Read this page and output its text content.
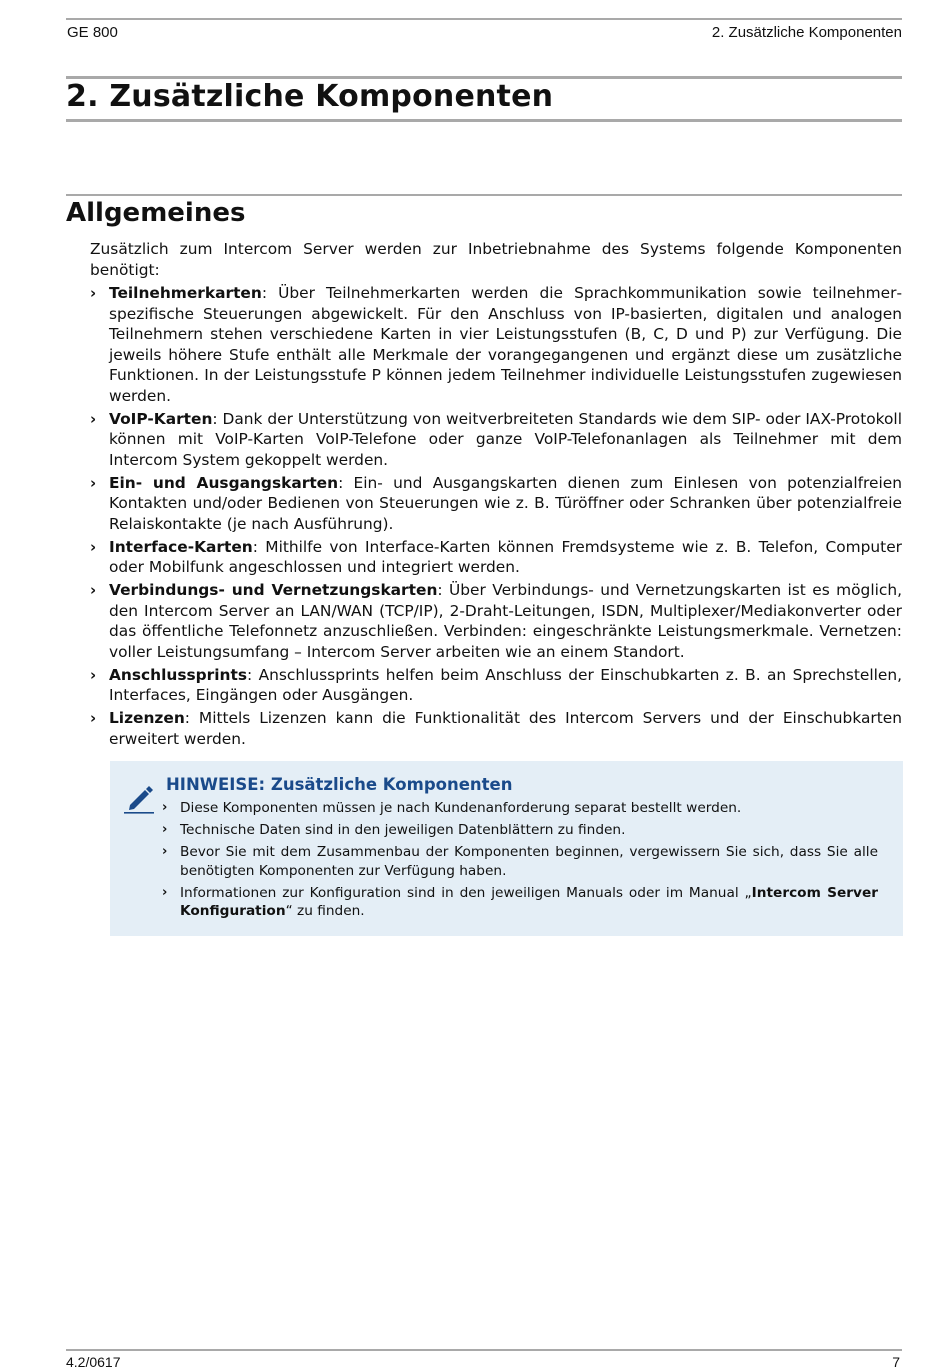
GE 800	2. Zusätzliche Komponenten
2. Zusätzliche Komponenten
Allgemeines
Zusätzlich zum Intercom Server werden zur Inbetriebnahme des Systems folgende Komponenten benötigt:
› Teilnehmerkarten: Über Teilnehmerkarten werden die Sprachkommunikation sowie teilnehmerspezifische Steuerungen abgewickelt. Für den Anschluss von IP-basierten, digitalen und analogen Teilnehmern stehen verschiedene Karten in vier Leistungsstufen (B, C, D und P) zur Verfügung. Die jeweils höhere Stufe enthält alle Merkmale der vorangegangenen und ergänzt diese um zusätzliche Funktionen. In der Leistungsstufe P können jedem Teilnehmer individuelle Leistungsstufen zugewiesen werden.
› VoIP-Karten: Dank der Unterstützung von weitverbreiteten Standards wie dem SIP- oder IAX-Protokoll können mit VoIP-Karten VoIP-Telefone oder ganze VoIP-Telefonanlagen als Teilnehmer mit dem Intercom System gekoppelt werden.
› Ein- und Ausgangskarten: Ein- und Ausgangskarten dienen zum Einlesen von potenzialfreien Kontakten und/oder Bedienen von Steuerungen wie z. B. Türöffner oder Schranken über potenzialfreie Relaiskontakte (je nach Ausführung).
› Interface-Karten: Mithilfe von Interface-Karten können Fremdsysteme wie z. B. Telefon, Computer oder Mobilfunk angeschlossen und integriert werden.
› Verbindungs- und Vernetzungskarten: Über Verbindungs- und Vernetzungskarten ist es möglich, den Intercom Server an LAN/WAN (TCP/IP), 2-Draht-Leitungen, ISDN, Multiplexer/Mediakonverter oder das öffentliche Telefonnetz anzuschließen. Verbinden: eingeschränkte Leistungsmerkmale. Vernetzen: voller Leistungsumfang – Intercom Server arbeiten wie an einem Standort.
› Anschlussprints: Anschlussprints helfen beim Anschluss der Einschubkarten z. B. an Sprechstellen, Interfaces, Eingängen oder Ausgängen.
› Lizenzen: Mittels Lizenzen kann die Funktionalität des Intercom Servers und der Einschubkarten erweitert werden.
HINWEISE: Zusätzliche Komponenten
› Diese Komponenten müssen je nach Kundenanforderung separat bestellt werden.
› Technische Daten sind in den jeweiligen Datenblättern zu finden.
› Bevor Sie mit dem Zusammenbau der Komponenten beginnen, vergewissern Sie sich, dass Sie alle benötigten Komponenten zur Verfügung haben.
› Informationen zur Konfiguration sind in den jeweiligen Manuals oder im Manual „Intercom Server Konfiguration“ zu finden.
4.2/0617	7
